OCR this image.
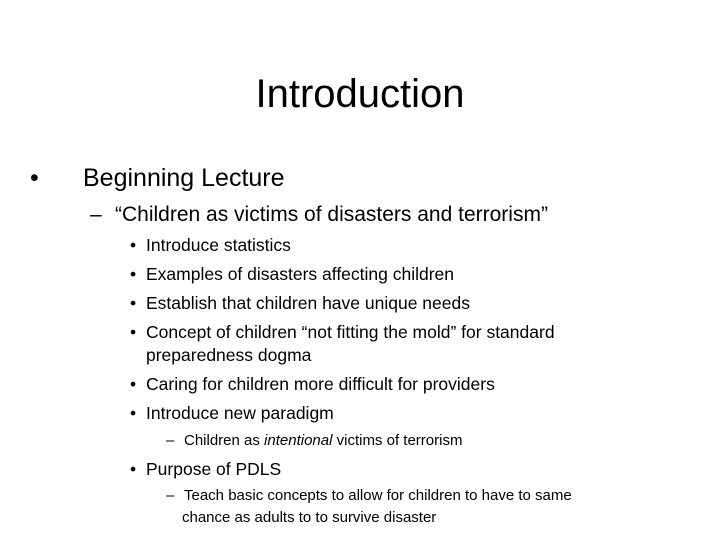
Introduction
• Beginning Lecture
– “Children as victims of disasters and terrorism”
• Introduce statistics
• Examples of disasters affecting children
• Establish that children have unique needs
• Concept of children “not fitting the mold” for standard
preparedness dogma
• Caring for children more difficult for providers
• Introduce new paradigm
– Children as intentional victims of terrorism
• Purpose of PDLS
– Teach basic concepts to allow for children to have to same
chance as adults to to survive disaster
